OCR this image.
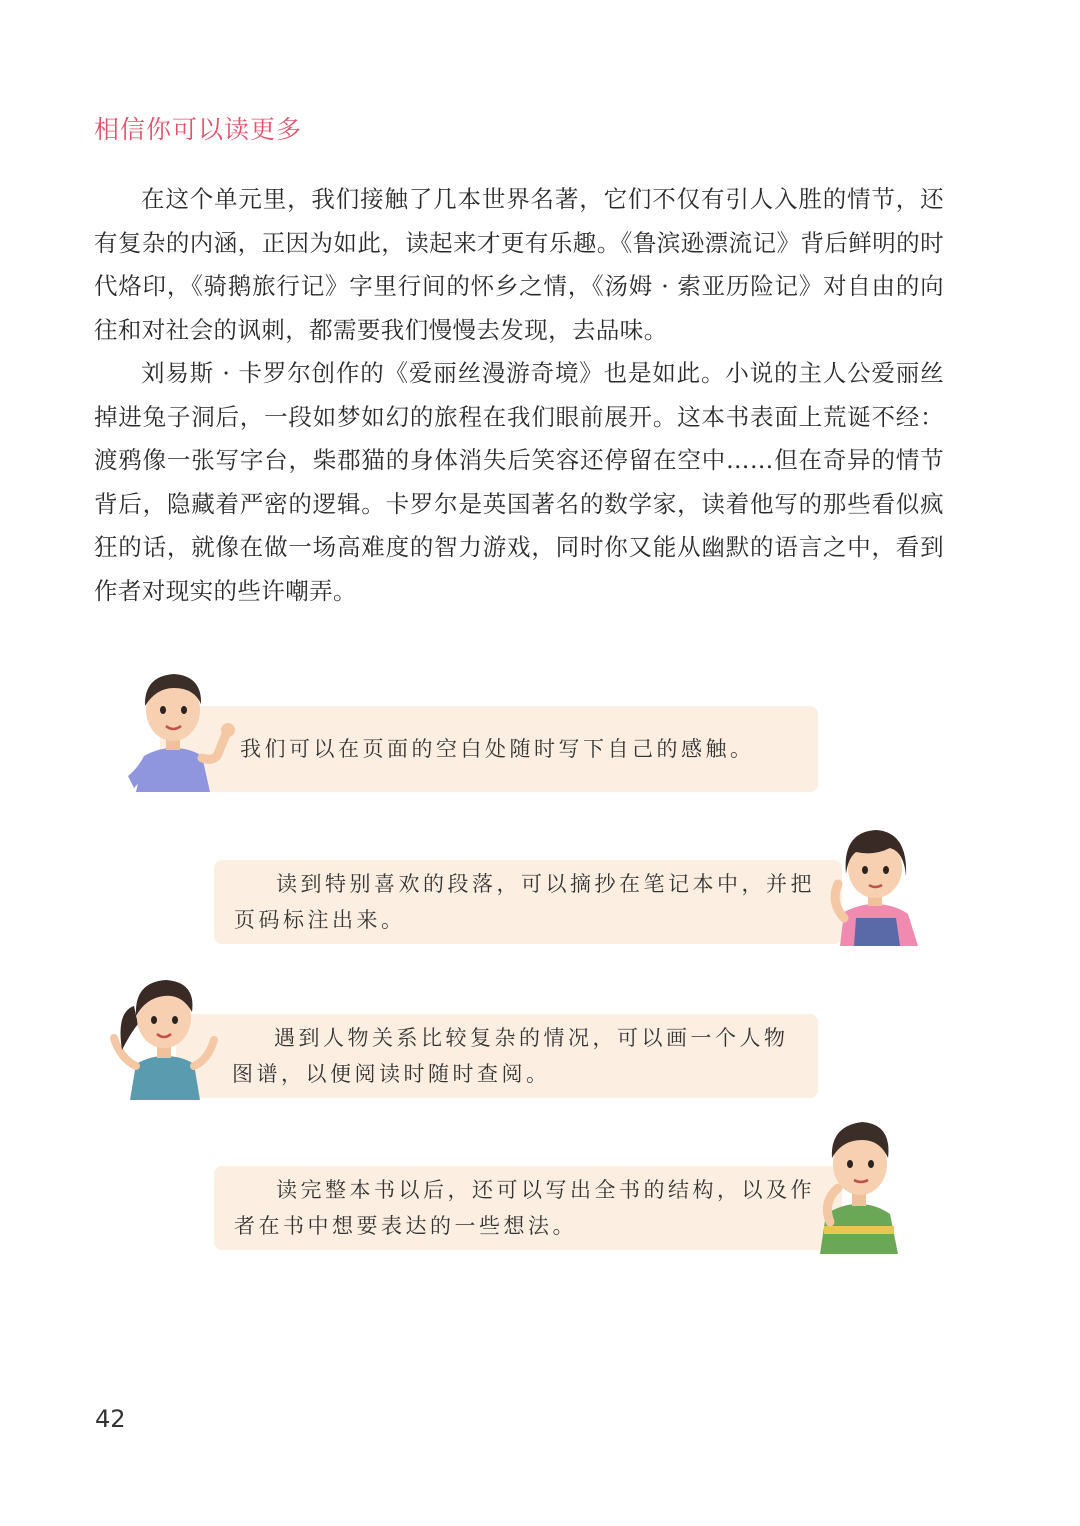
相信你可以读更多

在这个单元里，我们接触了几本世界名著，它们不仅有引人入胜的情节，还有复杂的内涵，正因为如此，读起来才更有乐趣。《鲁滨逊漂流记》背后鲜明的时代烙印，《骑鹅旅行记》字里行间的怀乡之情，《汤姆 · 索亚历险记》对自由的向往和对社会的讽刺，都需要我们慢慢去发现，去品味。

刘易斯 · 卡罗尔创作的《爱丽丝漫游奇境》也是如此。小说的主人公爱丽丝掉进兔子洞后，一段如梦如幻的旅程在我们眼前展开。这本书表面上荒诞不经：渡鸦像一张写字台，柴郡猫的身体消失后笑容还停留在空中……但在奇异的情节背后，隐藏着严密的逻辑。卡罗尔是英国著名的数学家，读着他写的那些看似疯狂的话，就像在做一场高难度的智力游戏，同时你又能从幽默的语言之中，看到作者对现实的些许嘲弄。

我们可以在页面的空白处随时写下自己的感触。
读到特别喜欢的段落，可以摘抄在笔记本中，并把页码标注出来。
遇到人物关系比较复杂的情况，可以画一个人物图谱，以便阅读时随时查阅。
读完整本书以后，还可以写出全书的结构，以及作者在书中想要表达的一些想法。
42
